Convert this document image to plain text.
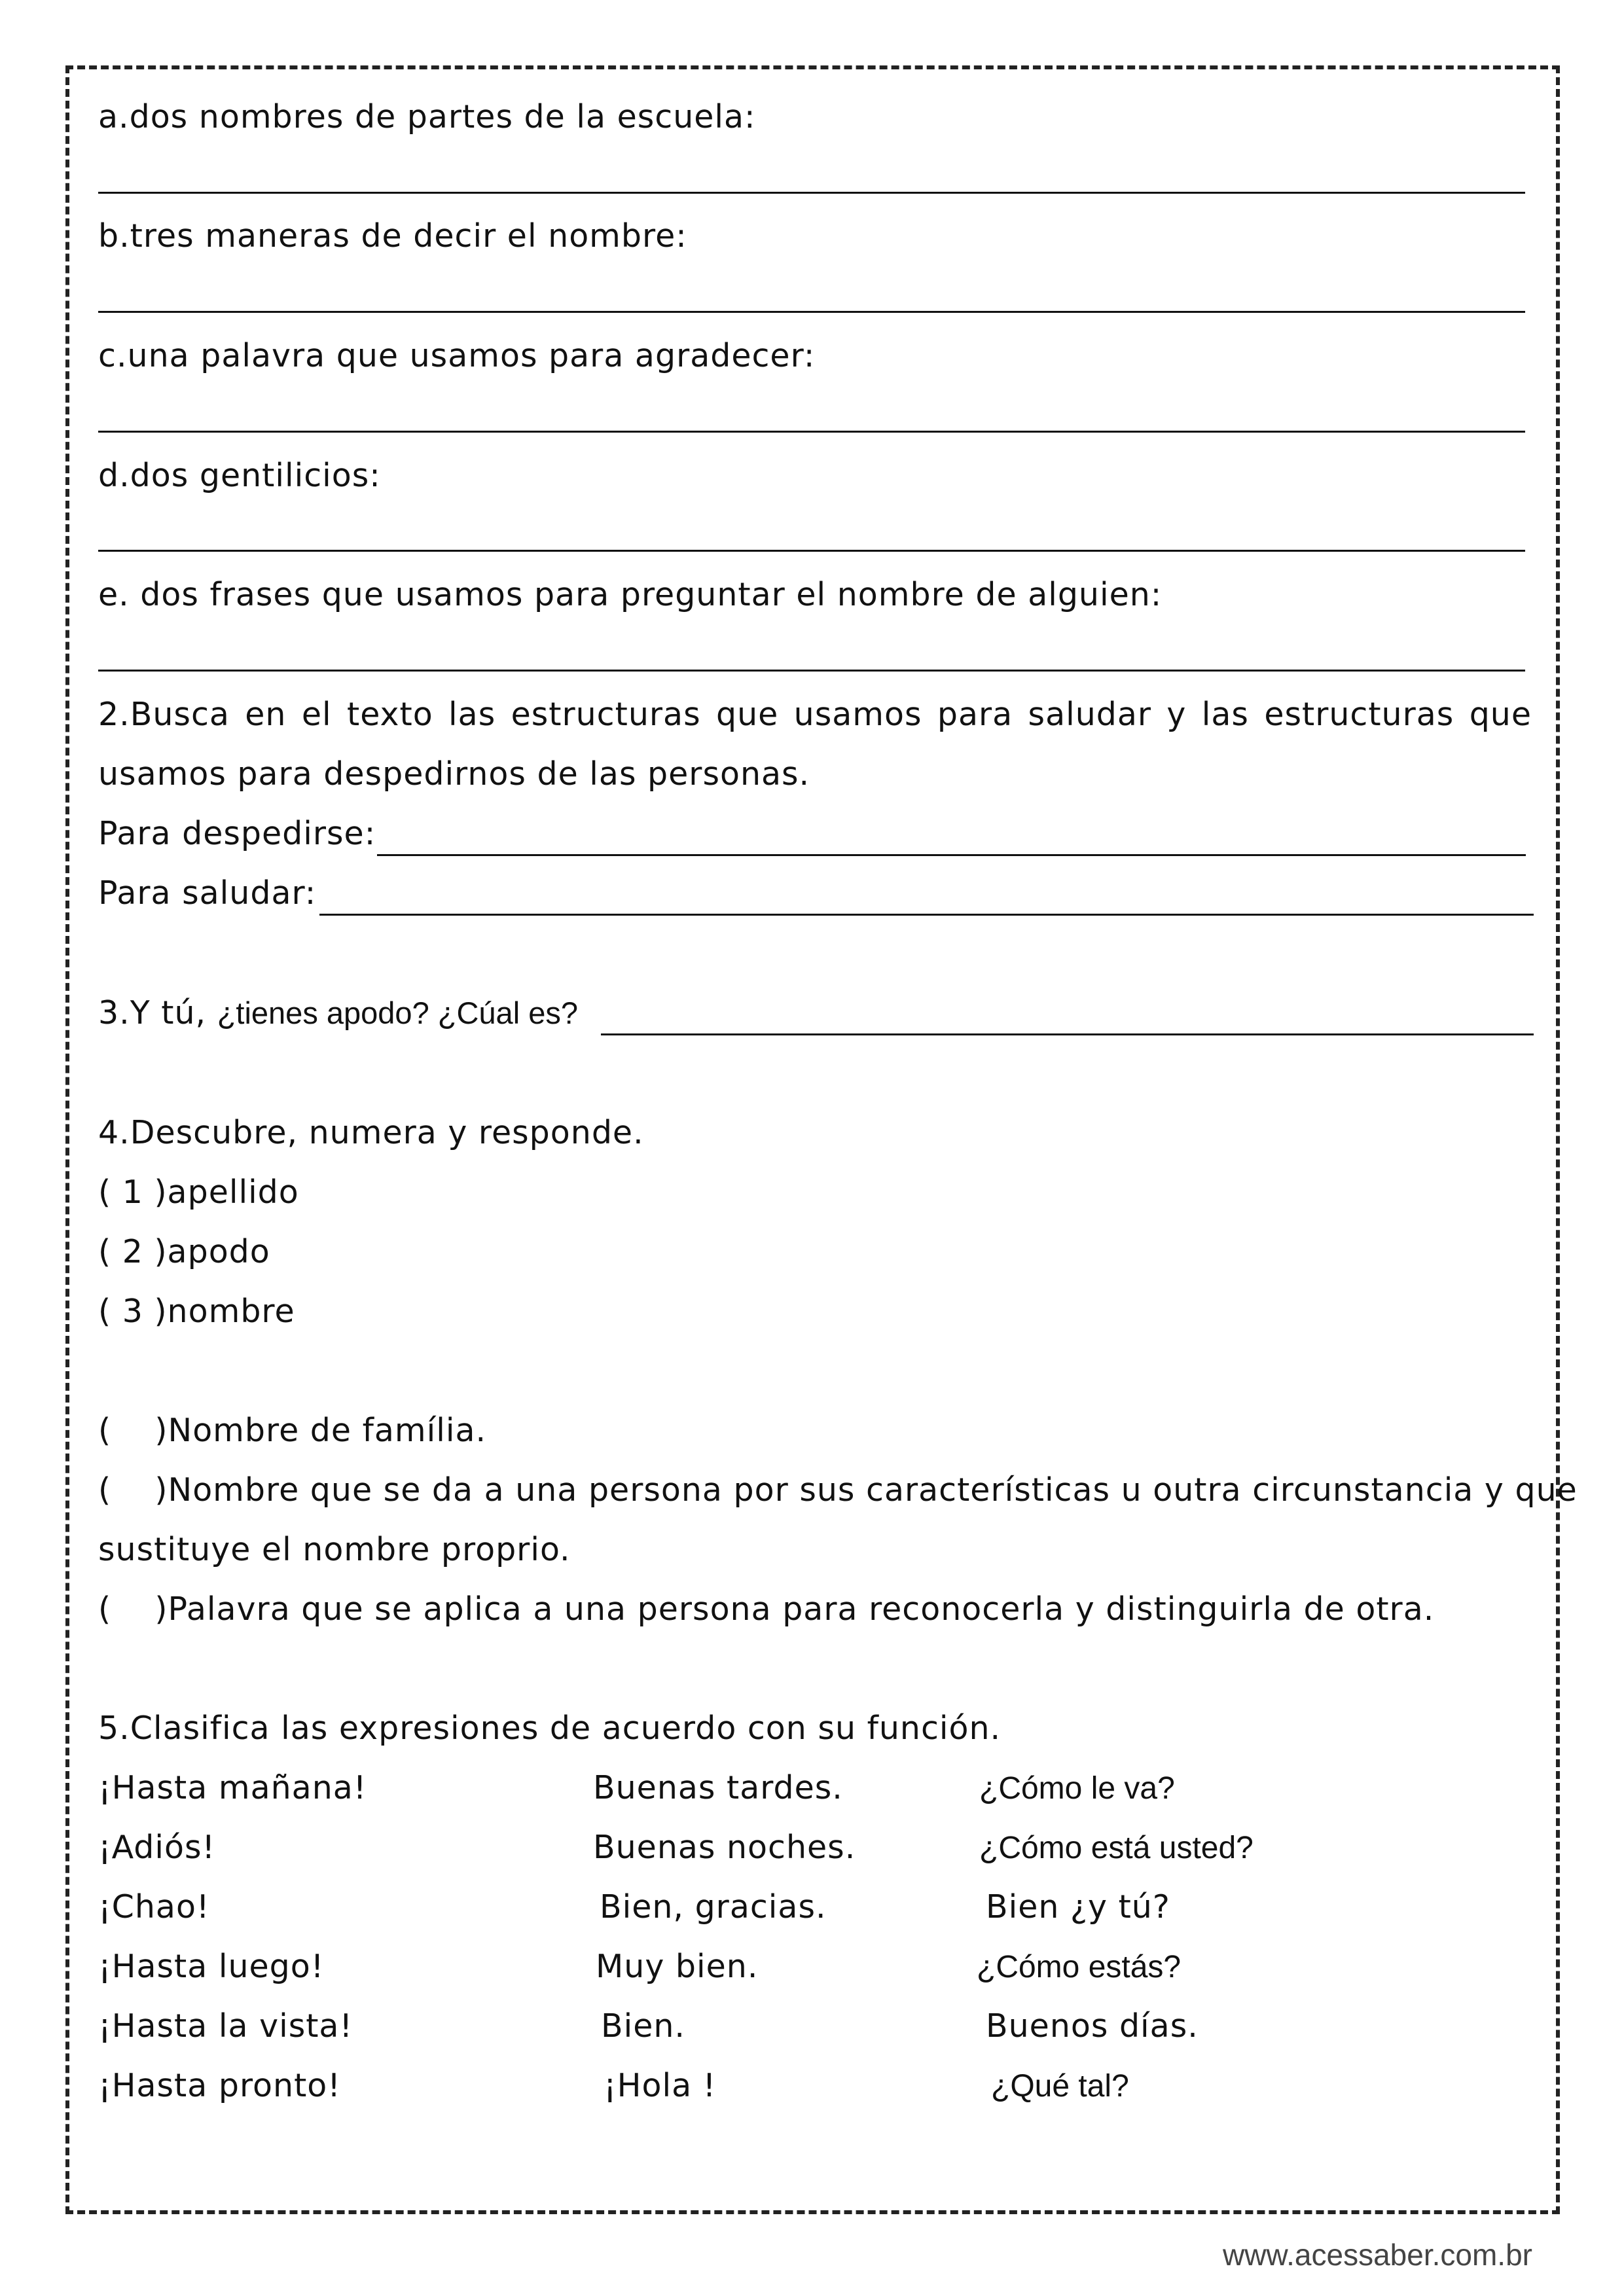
a.dos nombres de partes de la escuela:
b.tres maneras de decir el nombre:
c.una palavra que usamos para agradecer:
d.dos gentilicios:
e. dos frases que usamos para preguntar el nombre de alguien:
2.Busca en el texto las estructuras que usamos para saludar y las estructuras que
usamos para despedirnos de las personas.
Para despedirse:
Para saludar:
3.Y tú, ¿tienes apodo? ¿Cúal es?
4.Descubre, numera y responde.
( 1 )apellido
( 2 )apodo
( 3 )nombre
(    )Nombre de família.
(    )Nombre que se da a una persona por sus características u outra circunstancia y que
sustituye el nombre proprio.
(    )Palavra que se aplica a una persona para reconocerla y distinguirla de otra.
5.Clasifica las expresiones de acuerdo con su función.
¡Hasta mañana!
¡Adiós!
¡Chao!
¡Hasta luego!
¡Hasta la vista!
¡Hasta pronto!
Buenas tardes.
Buenas noches.
Bien, gracias.
Muy bien.
Bien.
¡Hola !
¿Cómo le va?
¿Cómo está usted?
Bien ¿y tú?
¿Cómo estás?
Buenos días.
¿Qué tal?
www.acessaber.com.br
